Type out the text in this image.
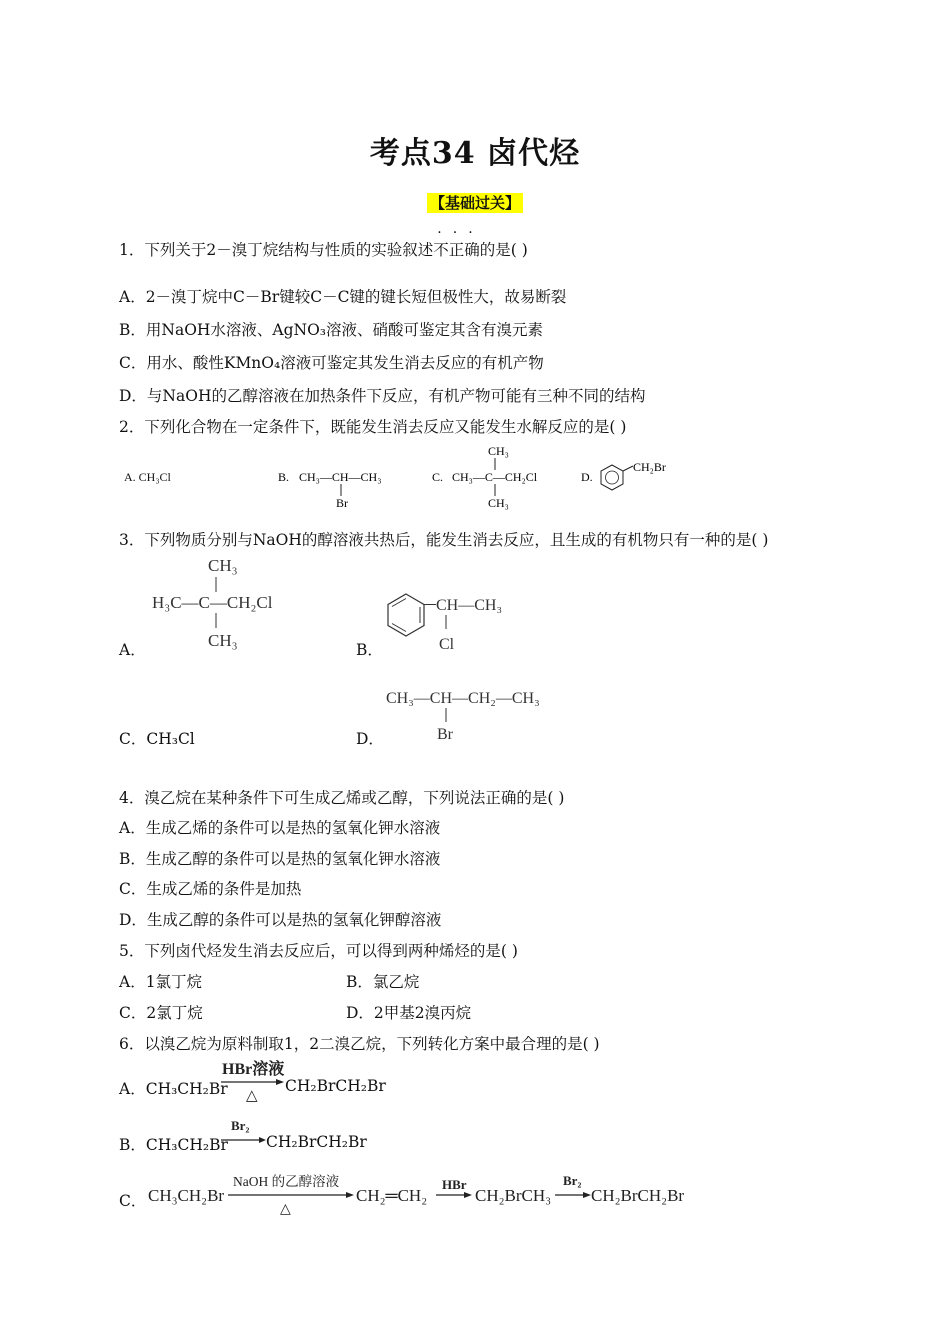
考点34 卤代烃
【基础过关】
1．下列关于2－溴丁烷结构与性质的实验叙述不正确的是( )
A．2－溴丁烷中C－Br键较C－C键的键长短但极性大，故易断裂
B．用NaOH水溶液、AgNO₃溶液、硝酸可鉴定其含有溴元素
C．用水、酸性KMnO₄溶液可鉴定其发生消去反应的有机产物
D．与NaOH的乙醇溶液在加热条件下反应，有机产物可能有三种不同的结构
2．下列化合物在一定条件下，既能发生消去反应又能发生水解反应的是( )
A. CH₃Cl	B. CH₃—CH—CH₃
Br
C.
CH₃
CH₃—C—CH₂Cl
CH₃
D.
CH₂Br
3．下列物质分别与NaOH的醇溶液共热后，能发生消去反应，且生成的有机物只有一种的是( )
A．
CH₃
H₃C—C—CH₂Cl
CH₃	B．
CH—CH₃
Cl
C．CH₃Cl	D．
CH₃—CH—CH₂—CH₃
Br
4．溴乙烷在某种条件下可生成乙烯或乙醇，下列说法正确的是( )
A．生成乙烯的条件可以是热的氢氧化钾水溶液
B．生成乙醇的条件可以是热的氢氧化钾水溶液
C．生成乙烯的条件是加热
D．生成乙醇的条件可以是热的氢氧化钾醇溶液
5．下列卤代烃发生消去反应后，可以得到两种烯烃的是( )
A．1氯丁烷	B．氯乙烷
C．2氯丁烷	D．2甲基2溴丙烷
6．以溴乙烷为原料制取1，2二溴乙烷，下列转化方案中最合理的是( )
A．CH₃CH₂Br
HBr溶液
△
CH₂BrCH₂Br
B．CH₃CH₂Br
Br₂
CH₂BrCH₂Br
C． CH₃CH₂Br
NaOH 的乙醇溶液
△
CH₂═CH₂
HBr
CH₂BrCH₃
Br₂
CH₂BrCH₂Br
